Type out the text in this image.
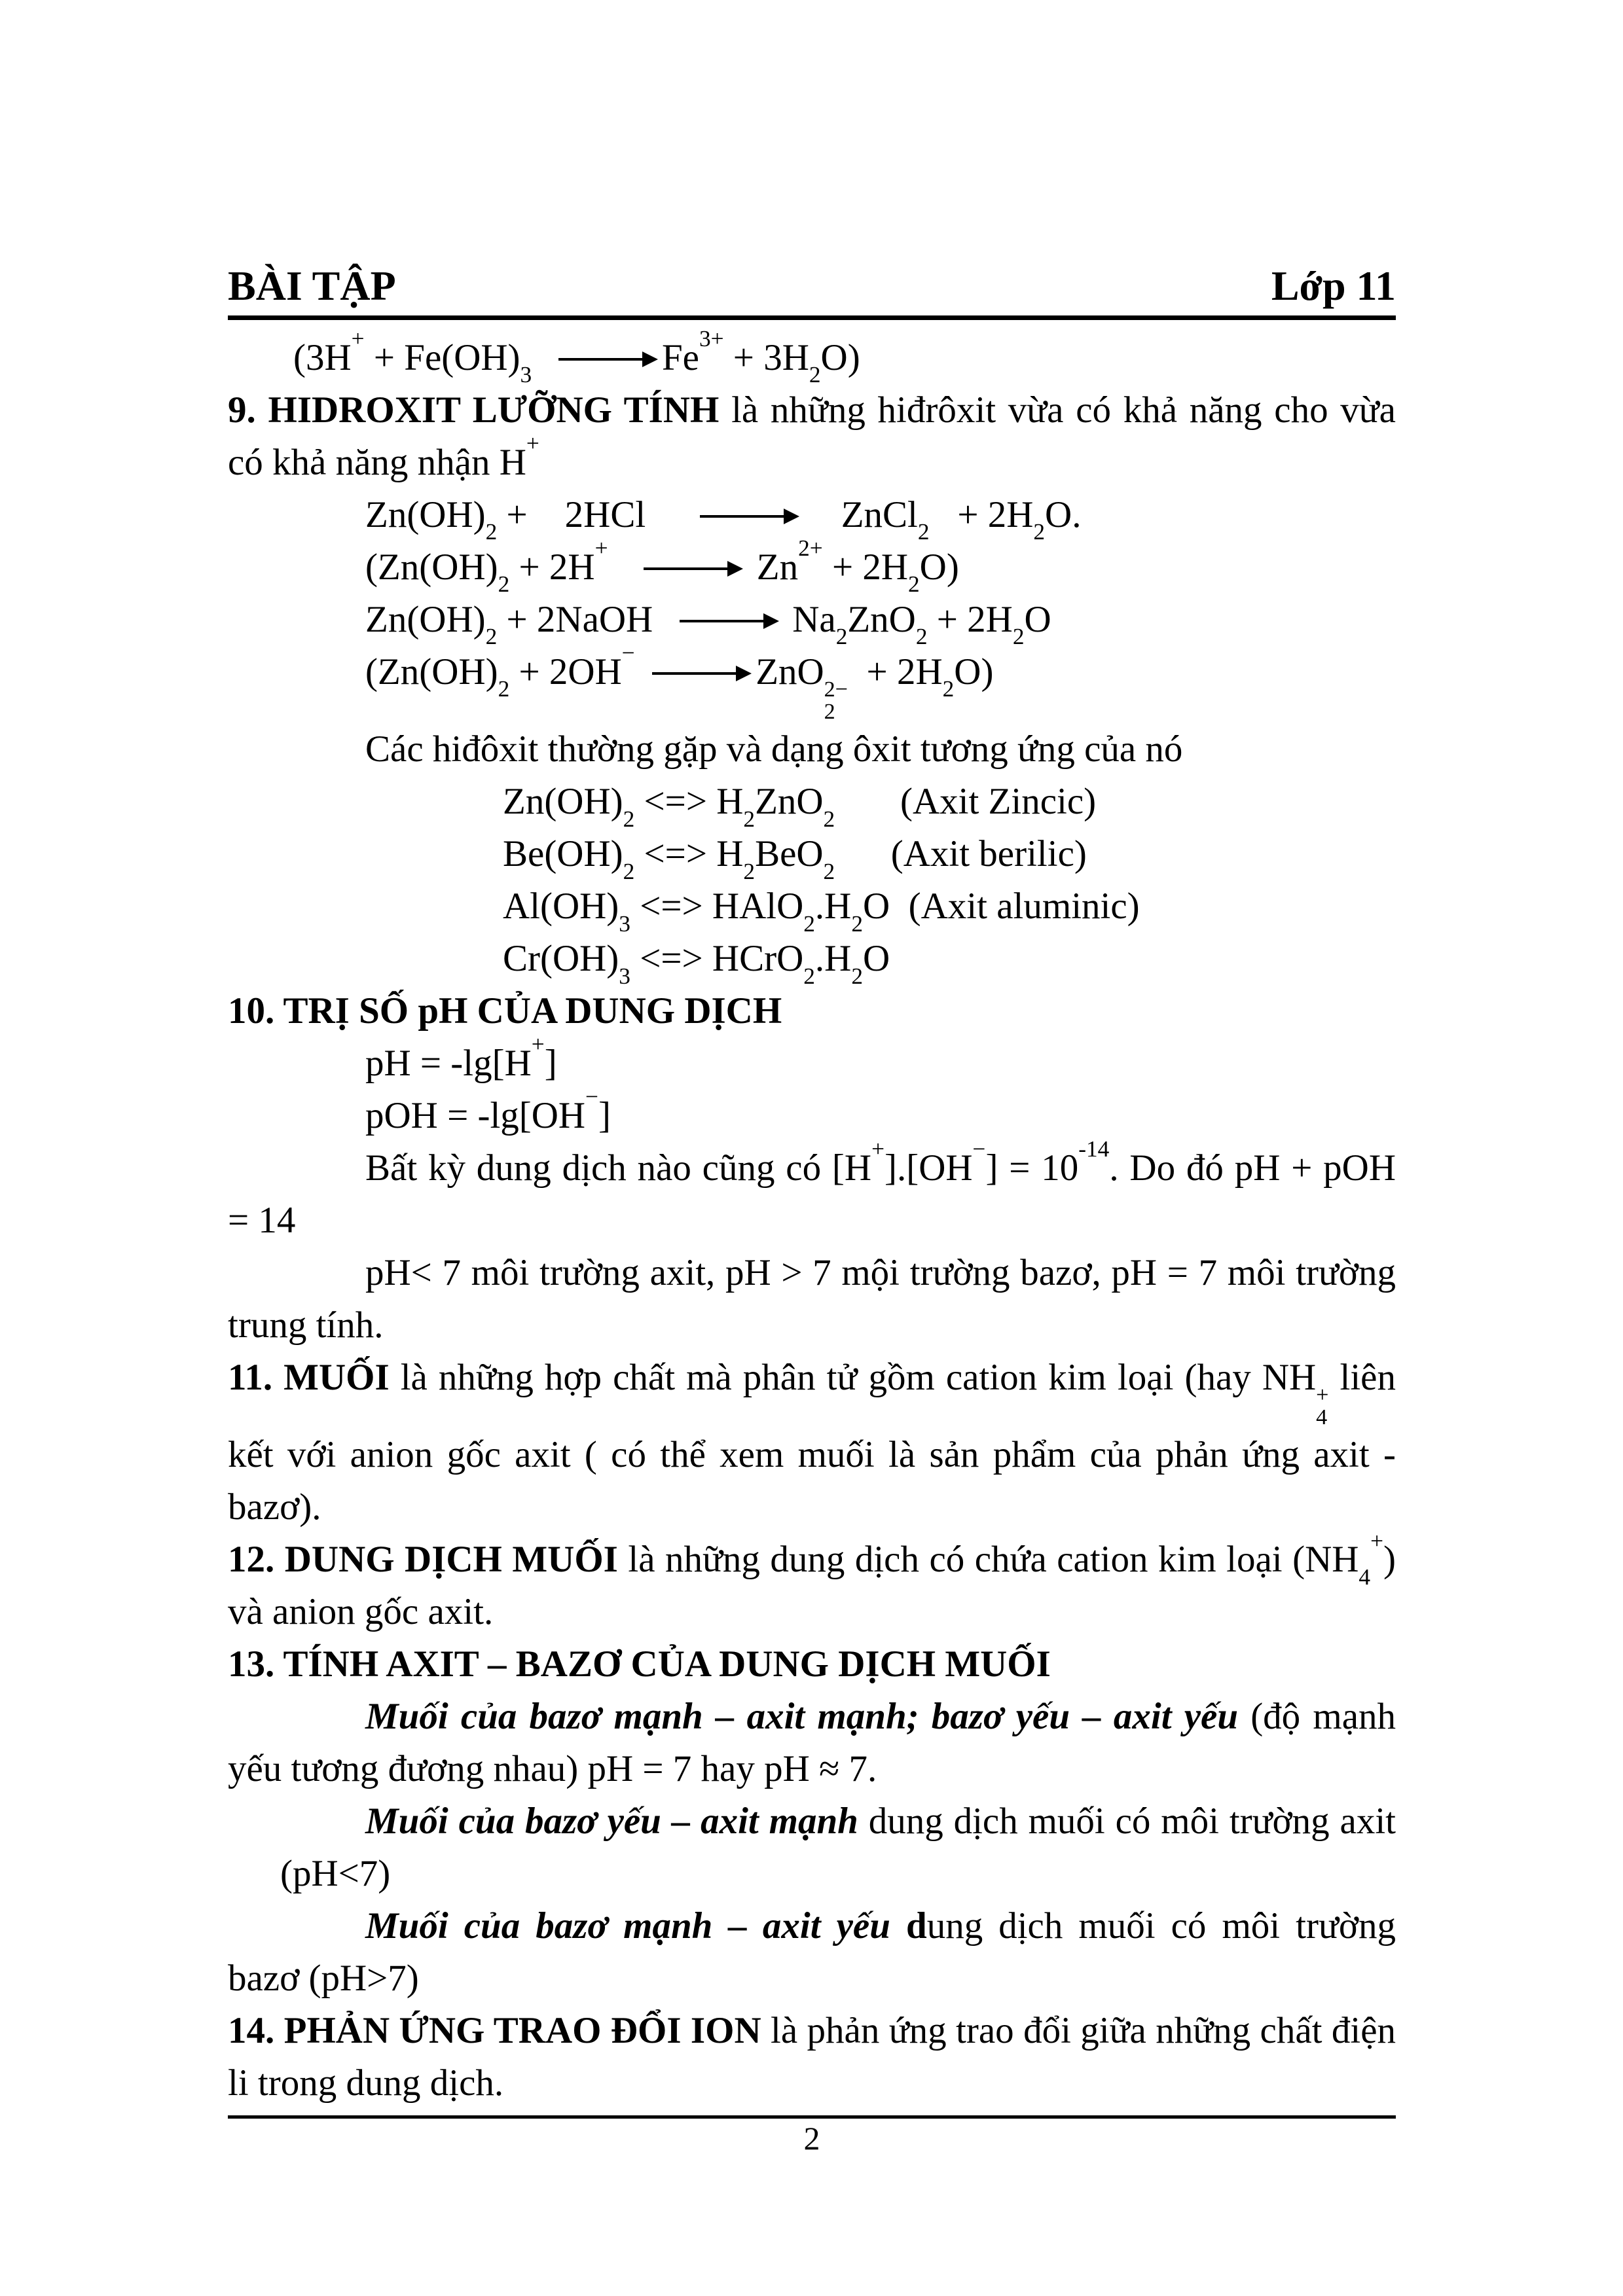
BÀI TẬP	Lớp 11
$(3H^+ + Fe(OH)_3 \to Fe^{3+} + 3H_2O)$
9. HIDROXIT LƯỠNG TÍNH là những hiđrôxit vừa có khả năng cho vừa có khả năng nhận H+
$Zn(OH)_2$ +    2HCl → ZnCl$_2$   + $2H_2O$.
$(Zn(OH)_2 + 2H^+ \to Zn^{2+} + 2H_2O)$
$Zn(OH)_2$ + 2NaOH → $Na_2ZnO_2 + 2H_2O$
($Zn(OH)_2 + 2OH^-$ → ZnO 2−
2
+ $2H_2O$)
Các hiđôxit thường gặp và dạng ôxit tương ứng của nó
$Zn(OH)_2$ <=> $H_2ZnO_2$       (Axit Zincic)
$Be(OH)_2$ <=> $H_2BeO_2$      (Axit berilic)
$Al(OH)_3$ <=> $HAlO_2.H_2O$  (Axit aluminic)
$Cr(OH)_3$ <=> $HCrO_2.H_2O$
10. TRỊ SỐ pH CỦA DUNG DỊCH
pH = -lg[H+]
pOH = -lg[OH−]
Bất kỳ dung dịch nào cũng có $[H^+].[OH^-] = 10^{-14}$. Do đó pH + pOH = 14
pH< 7 môi trường axit, pH > 7 mội trường bazơ, pH = 7 môi trường trung tính.
11. MUỐI là những hợp chất mà phân tử gồm cation kim loại (hay NH +
4
liên kết với anion gốc axit ( có thể xem muối là sản phẩm của phản ứng axit - bazơ).
12. DUNG DỊCH MUỐI là những dung dịch có chứa cation kim loại $(NH_4^+)$ và anion gốc axit.
13. TÍNH AXIT – BAZƠ CỦA DUNG DỊCH MUỐI
Muối của bazơ mạnh – axit mạnh; bazơ yếu – axit yếu (độ mạnh yếu tương đương nhau) pH = 7 hay pH ≈ 7.
Muối của bazơ yếu – axit mạnh dung dịch muối có môi trường axit (pH<7)
Muối của bazơ mạnh – axit yếu dung dịch muối có môi trường bazơ (pH>7)
14. PHẢN ỨNG TRAO ĐỔI ION là phản ứng trao đổi giữa những chất điện li trong dung dịch.
2
